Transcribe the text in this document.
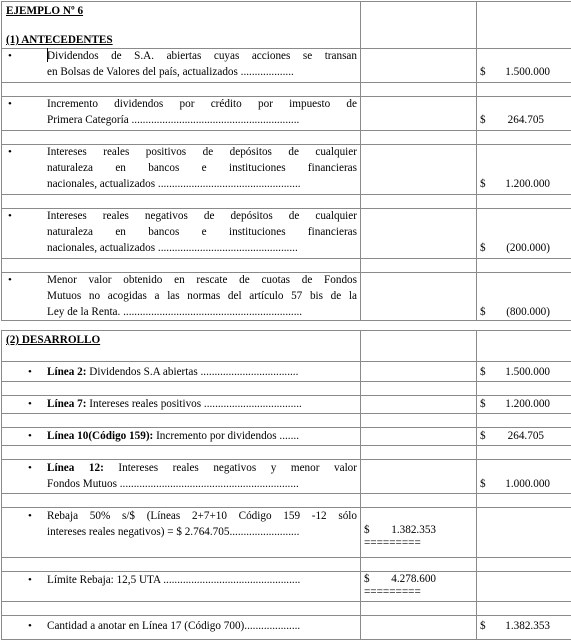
EJEMPLO Nº 6
(1) ANTECEDENTES
•	Dividendos de S.A. abiertas cuyas acciones se transan
en Bolsas de Valores del país, actualizados ...................	$ 1.500.000
•	Incremento dividendos por crédito por impuesto de
Primera Categoría ............................................................	$ 264.705
•	Intereses reales positivos de depósitos de cualquier
naturaleza en bancos e instituciones financieras
nacionales, actualizados ...................................................	$ 1.200.000
•	Intereses reales negativos de depósitos de cualquier
naturaleza en bancos e instituciones financieras
nacionales, actualizados ..................................................	$ (200.000)
•	Menor valor obtenido en rescate de cuotas de Fondos
Mutuos no acogidas a las normas del artículo 57 bis de la
Ley de la Renta. ................................................................	$ (800.000)
(2) DESARROLLO
• Línea 2: Dividendos S.A abiertas ...................................	$ 1.500.000
• Línea 7: Intereses reales positivos ...................................	$ 1.200.000
• Línea 10(Código 159): Incremento por dividendos .......	$ 264.705
• Línea 12: Intereses reales negativos y menor valor
Fondos Mutuos ................................................................	$ 1.000.000
• Rebaja 50% s/$ (Líneas 2+7+10 Código 159 -12 sólo
intereses reales negativos) = $ 2.764.705.........................	$ 1.382.353
=========
• Límite Rebaja: 12,5 UTA .................................................	$ 4.278.600
=========
• Cantidad a anotar en Línea 17 (Código 700)....................	$ 1.382.353
